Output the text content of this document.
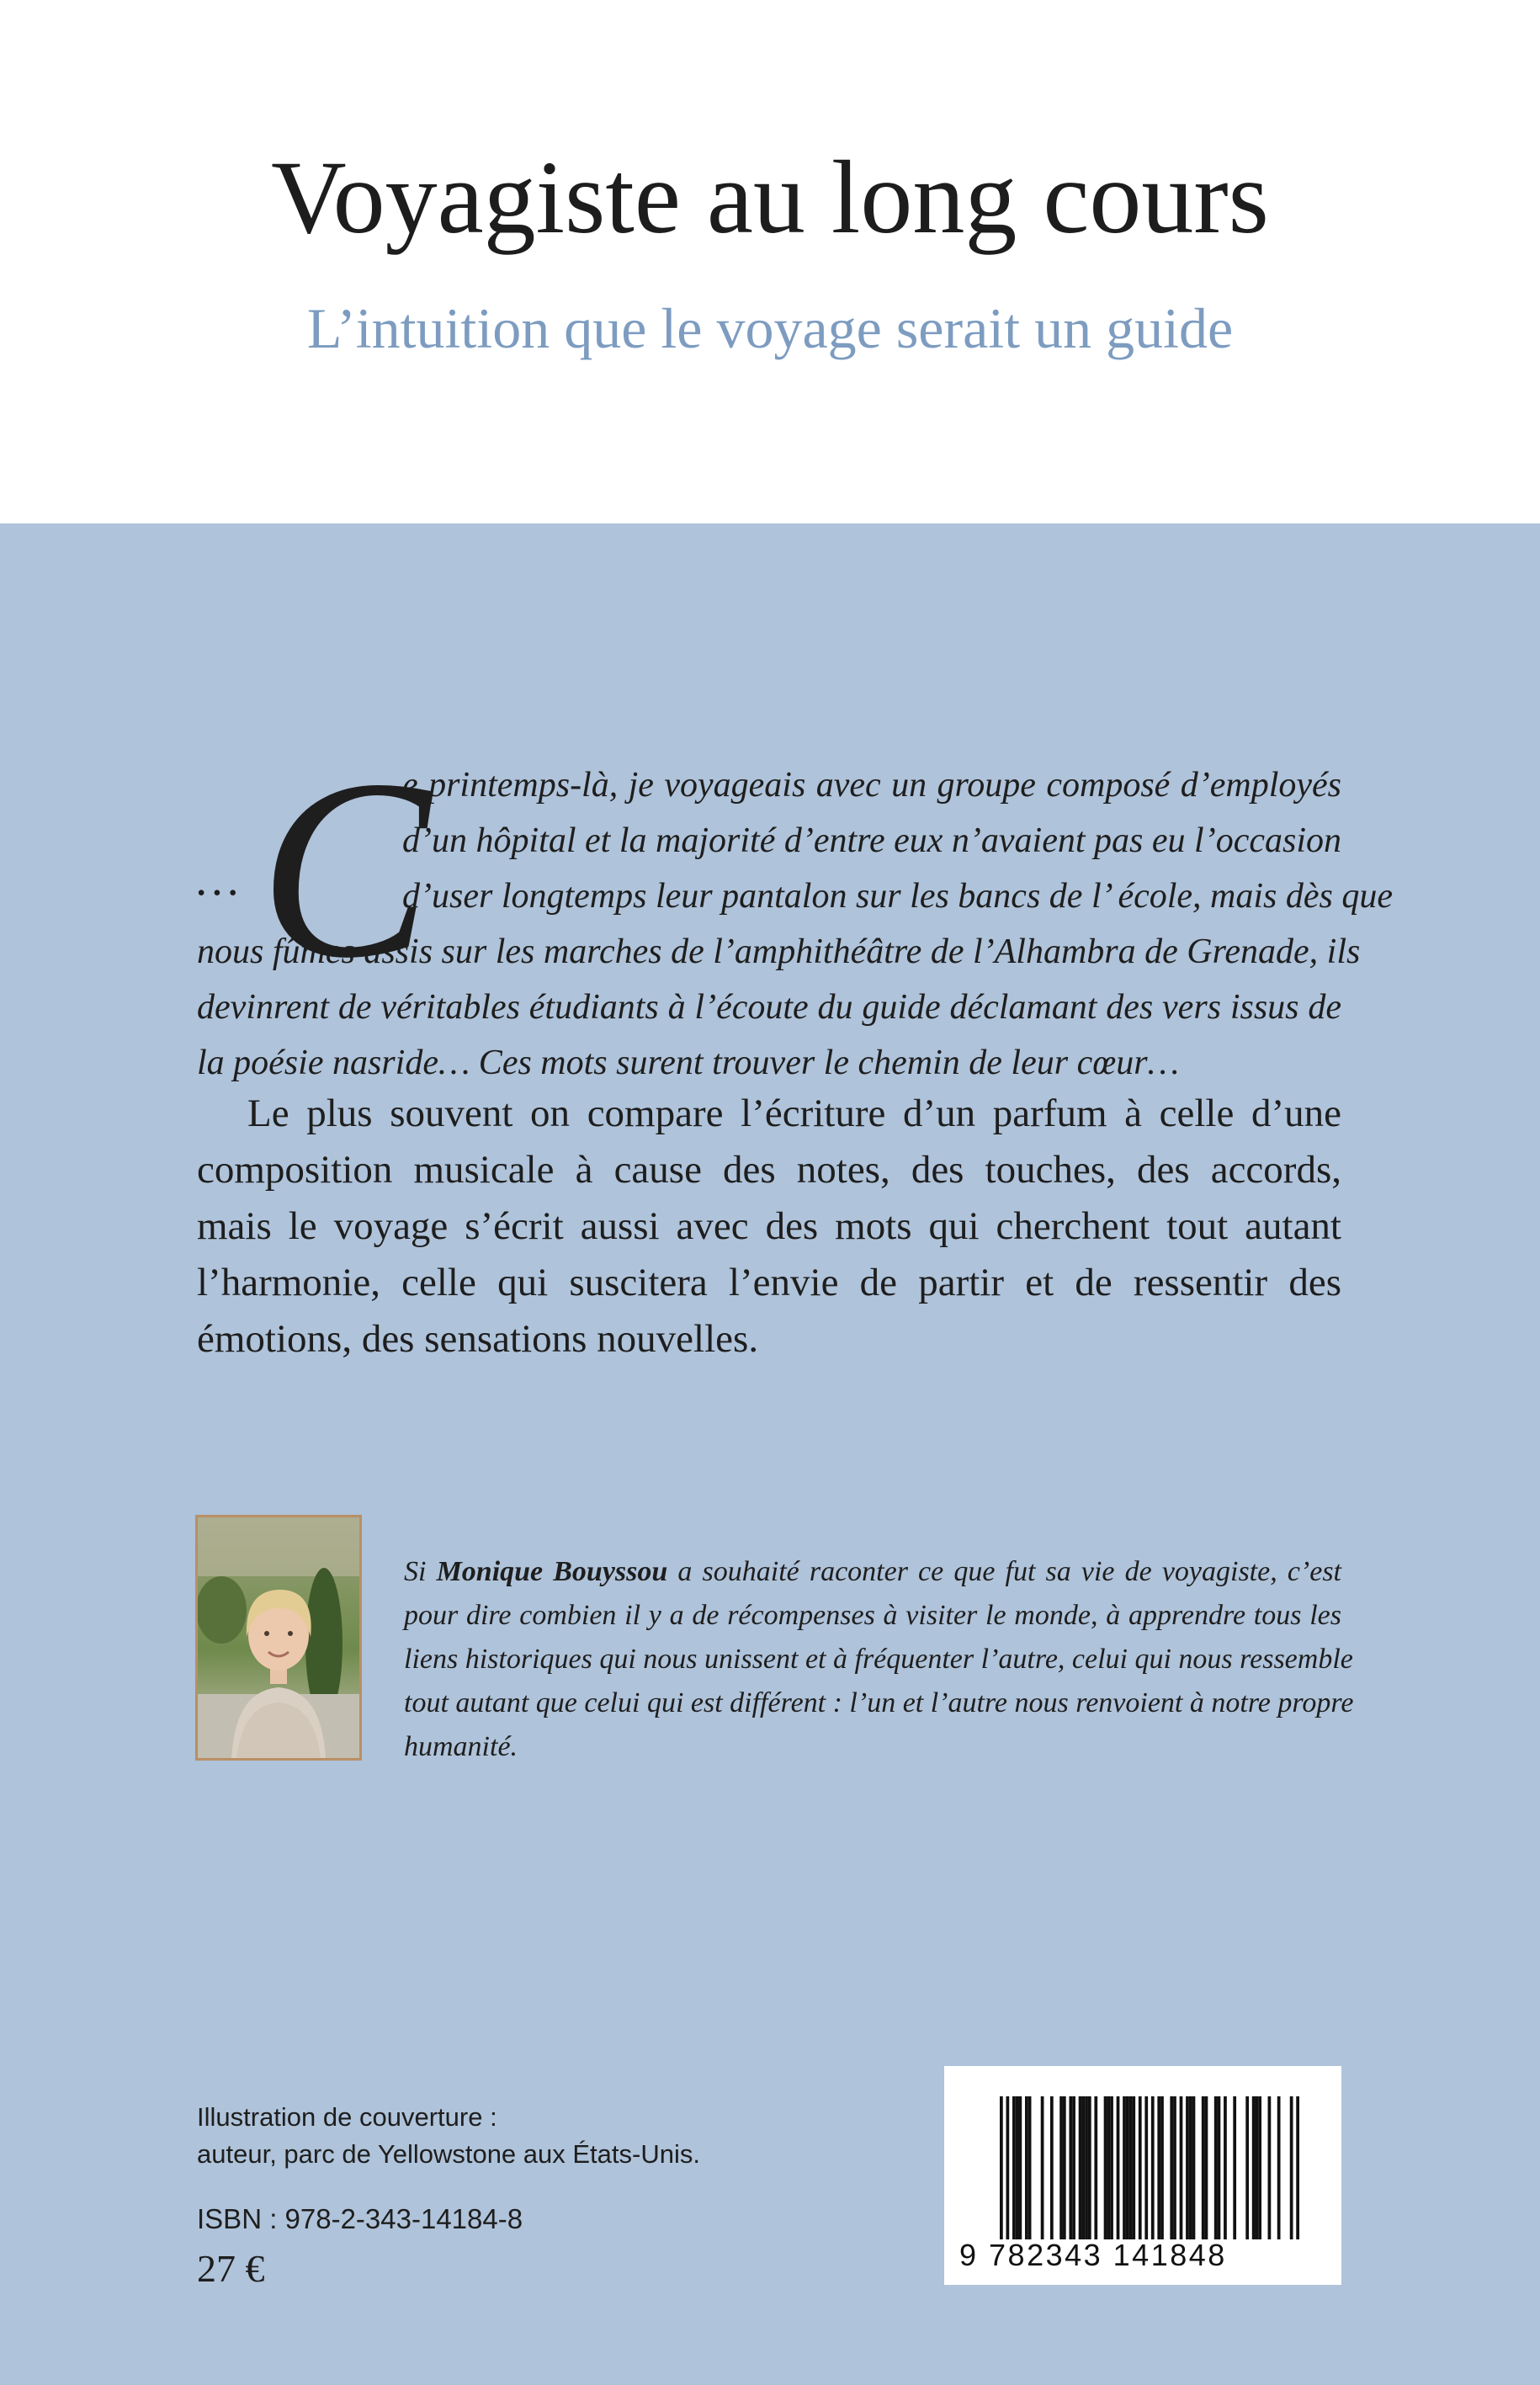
Voyagiste au long cours
L’intuition que le voyage serait un guide
C
…
e printemps-là, je voyageais avec un groupe composé d’employés
d’un hôpital et la majorité d’entre eux n’avaient pas eu l’occasion
d’user longtemps leur pantalon sur les bancs de l’ école, mais dès que
nous fûmes assis sur les marches de l’amphithéâtre de l’Alhambra de Grenade, ils
devinrent de véritables étudiants à l’écoute du guide déclamant des vers issus de
la poésie nasride… Ces mots surent trouver le chemin de leur cœur…
Le plus souvent on compare l’écriture d’un parfum à celle d’une
composition musicale à cause des notes, des touches, des accords,
mais le voyage s’écrit aussi avec des mots qui cherchent tout autant
l’harmonie, celle qui suscitera l’envie de partir et de ressentir des
émotions, des sensations nouvelles.
Si Monique Bouyssou a souhaité raconter ce que fut sa vie de voyagiste, c’est
pour dire combien il y a de récompenses à visiter le monde, à apprendre tous les
liens historiques qui nous unissent et à fréquenter l’autre, celui qui nous ressemble
tout autant que celui qui est différent : l’un et l’autre nous renvoient à notre propre
humanité.
Illustration de couverture :
auteur, parc de Yellowstone aux États-Unis.
ISBN : 978-2-343-14184-8
27 €	9 782343 141848
